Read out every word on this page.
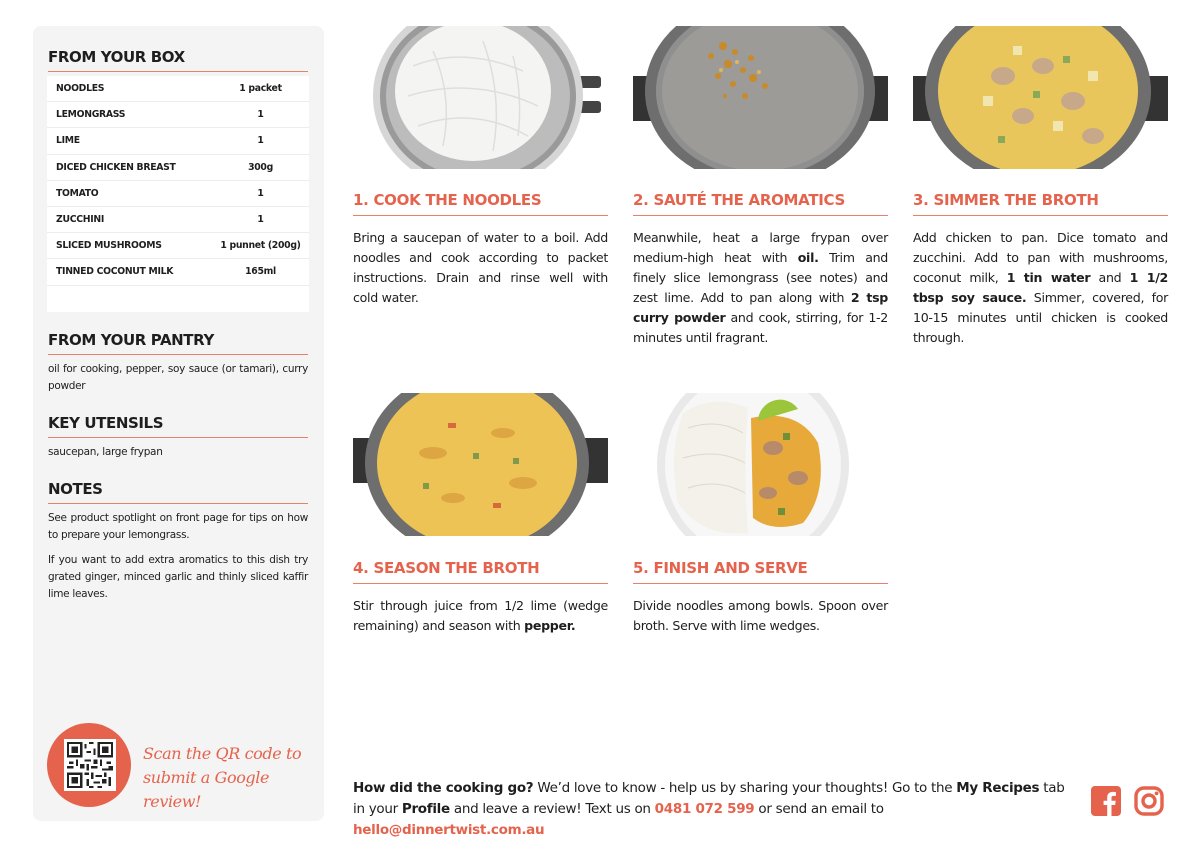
FROM YOUR BOX
NOODLES	1 packet
LEMONGRASS	1
LIME	1
DICED CHICKEN BREAST	300g
TOMATO	1
ZUCCHINI	1
SLICED MUSHROOMS	1 punnet (200g)
TINNED COCONUT MILK	165ml
FROM YOUR PANTRY
oil for cooking, pepper, soy sauce (or tamari), curry powder
KEY UTENSILS
saucepan, large frypan
NOTES
See product spotlight on front page for tips on how to prepare your lemongrass.
If you want to add extra aromatics to this dish try grated ginger, minced garlic and thinly sliced kaffir lime leaves.
Scan the QR code to
submit a Google review!
1. COOK THE NOODLES
Bring a saucepan of water to a boil. Add noodles and cook according to packet instructions. Drain and rinse well with cold water.
2. SAUTÉ THE AROMATICS
Meanwhile, heat a large frypan over medium-high heat with oil. Trim and finely slice lemongrass (see notes) and zest lime. Add to pan along with 2 tsp curry powder and cook, stirring, for 1-2 minutes until fragrant.
3. SIMMER THE BROTH
Add chicken to pan. Dice tomato and zucchini. Add to pan with mushrooms, coconut milk, 1 tin water and 1 1/2 tbsp soy sauce. Simmer, covered, for 10-15 minutes until chicken is cooked through.
4. SEASON THE BROTH
Stir through juice from 1/2 lime (wedge remaining) and season with pepper.
5. FINISH AND SERVE
Divide noodles among bowls. Spoon over broth. Serve with lime wedges.
How did the cooking go? We’d love to know - help us by sharing your thoughts! Go to the My Recipes tab in your Profile and leave a review! Text us on 0481 072 599 or send an email to hello@dinnertwist.com.au
